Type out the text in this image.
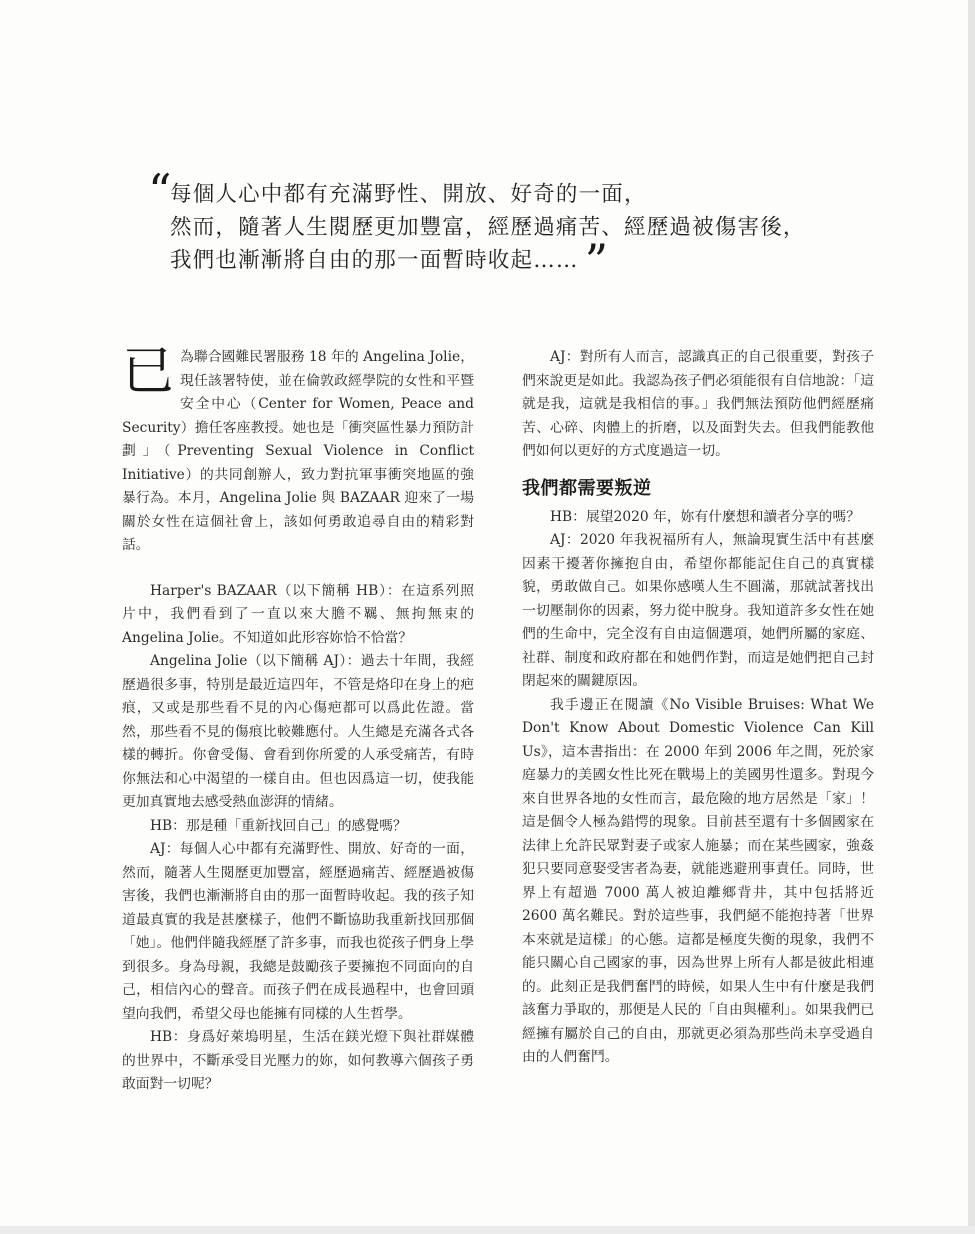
“
每個人心中都有充滿野性、開放、好奇的一面，
然而，隨著人生閱歷更加豐富，經歷過痛苦、經歷過被傷害後，
我們也漸漸將自由的那一面暫時收起…… ”

已為聯合國難民署服務 18 年的 Angelina Jolie，現任該署特使，並在倫敦政經學院的女性和平暨安全中心（Center for Women, Peace and Security）擔任客座教授。她也是「衝突區性暴力預防計劃」（Preventing Sexual Violence in Conflict Initiative）的共同創辦人，致力對抗軍事衝突地區的強暴行為。本月，Angelina Jolie 與 BAZAAR 迎來了一場關於女性在這個社會上，該如何勇敢追尋自由的精彩對話。

Harper's BAZAAR（以下簡稱 HB）：在這系列照片中，我們看到了一直以來大膽不羈、無拘無束的 Angelina Jolie。不知道如此形容妳恰不恰當？

Angelina Jolie（以下簡稱 AJ）：過去十年間，我經歷過很多事，特別是最近這四年，不管是烙印在身上的疤痕，又或是那些看不見的內心傷疤都可以爲此佐證。當然，那些看不見的傷痕比較難應付。人生總是充滿各式各樣的轉折。你會受傷、會看到你所愛的人承受痛苦，有時你無法和心中渴望的一樣自由。但也因爲這一切，使我能更加真實地去感受熱血澎湃的情緒。

HB：那是種「重新找回自己」的感覺嗎？

AJ：每個人心中都有充滿野性、開放、好奇的一面，然而，隨著人生閱歷更加豐富，經歷過痛苦、經歷過被傷害後，我們也漸漸將自由的那一面暫時收起。我的孩子知道最真實的我是甚麼樣子，他們不斷協助我重新找回那個「她」。他們伴隨我經歷了許多事，而我也從孩子們身上學到很多。身為母親，我總是鼓勵孩子要擁抱不同面向的自己，相信內心的聲音。而孩子們在成長過程中，也會回頭望向我們，希望父母也能擁有同樣的人生哲學。

HB：身爲好萊塢明星，生活在鎂光燈下與社群媒體的世界中，不斷承受目光壓力的妳，如何教導六個孩子勇敢面對一切呢？

AJ：對所有人而言，認識真正的自己很重要，對孩子們來說更是如此。我認為孩子們必須能很有自信地說：「這就是我，這就是我相信的事。」我們無法預防他們經歷痛苦、心碎、肉體上的折磨，以及面對失去。但我們能教他們如何以更好的方式度過這一切。

我們都需要叛逆

HB：展望2020 年，妳有什麼想和讀者分享的嗎？

AJ：2020 年我祝福所有人，無論現實生活中有甚麼因素干擾著你擁抱自由，希望你都能記住自己的真實樣貌，勇敢做自己。如果你感嘆人生不圓滿，那就試著找出一切壓制你的因素，努力從中脫身。我知道許多女性在她們的生命中，完全沒有自由這個選項，她們所屬的家庭、社群、制度和政府都在和她們作對，而這是她們把自己封閉起來的關鍵原因。

我手邊正在閱讀《No Visible Bruises: What We Don't Know About Domestic Violence Can Kill Us》，這本書指出：在 2000 年到 2006 年之間，死於家庭暴力的美國女性比死在戰場上的美國男性還多。對現今來自世界各地的女性而言，最危險的地方居然是「家」！這是個令人極為錯愕的現象。目前甚至還有十多個國家在法律上允許民眾對妻子或家人施暴；而在某些國家，強姦犯只要同意娶受害者為妻，就能逃避刑事責任。同時，世界上有超過 7000 萬人被迫離鄉背井，其中包括將近 2600 萬名難民。對於這些事，我們絕不能抱持著「世界本來就是這樣」的心態。這都是極度失衡的現象，我們不能只關心自己國家的事，因為世界上所有人都是彼此相連的。此刻正是我們奮鬥的時候，如果人生中有什麼是我們該奮力爭取的，那便是人民的「自由與權利」。如果我們已經擁有屬於自己的自由，那就更必須為那些尚未享受過自由的人們奮鬥。
